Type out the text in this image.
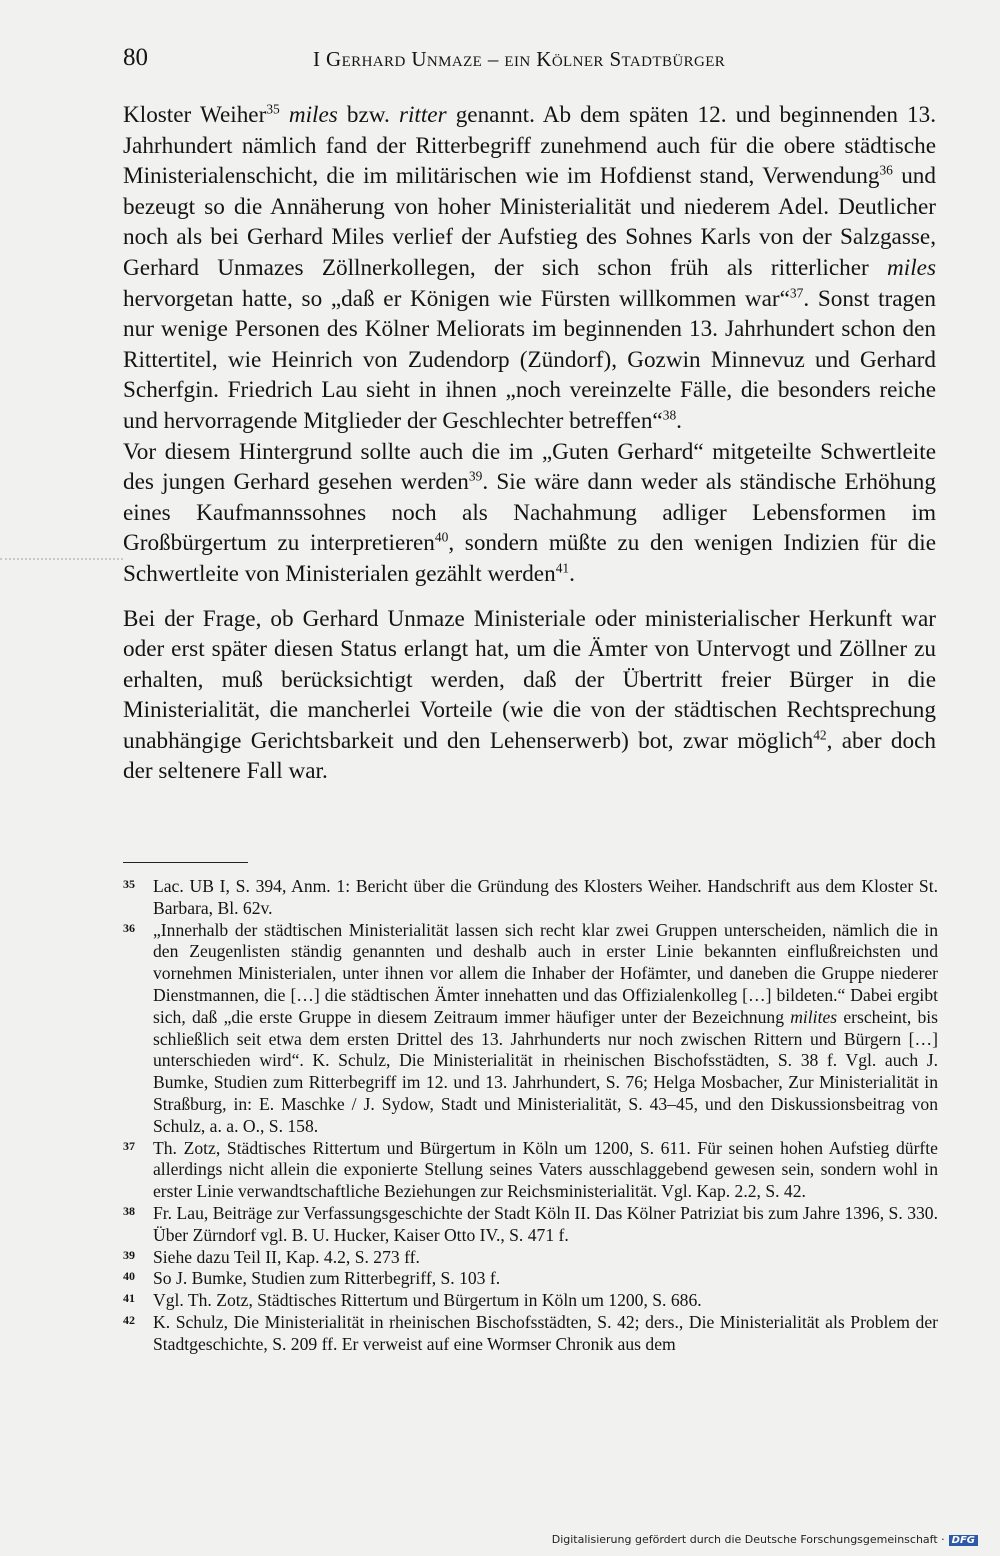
80	I Gerhard Unmaze – ein Kölner Stadtbürger

Kloster Weiher$^{35}$ miles bzw. ritter genannt. Ab dem späten 12. und beginnenden 13. Jahrhundert nämlich fand der Ritterbegriff zunehmend auch für die obere städtische Ministerialenschicht, die im militärischen wie im Hofdienst stand, Verwendung$^{36}$ und bezeugt so die Annäherung von hoher Ministerialität und niederem Adel. Deutlicher noch als bei Gerhard Miles verlief der Aufstieg des Sohnes Karls von der Salzgasse, Gerhard Unmazes Zöllnerkollegen, der sich schon früh als ritterlicher miles hervorgetan hatte, so „daß er Königen wie Fürsten willkommen war“$^{37}$. Sonst tragen nur wenige Personen des Kölner Meliorats im beginnenden 13. Jahrhundert schon den Rittertitel, wie Heinrich von Zudendorp (Zündorf), Gozwin Minnevuz und Gerhard Scherfgin. Friedrich Lau sieht in ihnen „noch vereinzelte Fälle, die besonders reiche und hervorragende Mitglieder der Geschlechter betreffen“$^{38}$.

Vor diesem Hintergrund sollte auch die im „Guten Gerhard“ mitgeteilte Schwertleite des jungen Gerhard gesehen werden$^{39}$. Sie wäre dann weder als ständische Erhöhung eines Kaufmannssohnes noch als Nachahmung adliger Lebensformen im Großbürgertum zu interpretieren$^{40}$, sondern müßte zu den wenigen Indizien für die Schwertleite von Ministerialen gezählt werden$^{41}$.

Bei der Frage, ob Gerhard Unmaze Ministeriale oder ministerialischer Herkunft war oder erst später diesen Status erlangt hat, um die Ämter von Untervogt und Zöllner zu erhalten, muß berücksichtigt werden, daß der Übertritt freier Bürger in die Ministerialität, die mancherlei Vorteile (wie die von der städtischen Rechtsprechung unabhängige Gerichtsbarkeit und den Lehenserwerb) bot, zwar möglich$^{42}$, aber doch der seltenere Fall war.

35 Lac. UB I, S. 394, Anm. 1: Bericht über die Gründung des Klosters Weiher. Handschrift aus dem Kloster St. Barbara, Bl. 62v.

36 „Innerhalb der städtischen Ministerialität lassen sich recht klar zwei Gruppen unterscheiden, nämlich die in den Zeugenlisten ständig genannten und deshalb auch in erster Linie bekannten einflußreichsten und vornehmen Ministerialen, unter ihnen vor allem die Inhaber der Hofämter, und daneben die Gruppe niederer Dienstmannen, die […] die städtischen Ämter innehatten und das Offizialenkolleg […] bildeten.“ Dabei ergibt sich, daß „die erste Gruppe in diesem Zeitraum immer häufiger unter der Bezeichnung milites erscheint, bis schließlich seit etwa dem ersten Drittel des 13. Jahrhunderts nur noch zwischen Rittern und Bürgern […] unterschieden wird“. K. Schulz, Die Ministerialität in rheinischen Bischofsstädten, S. 38 f. Vgl. auch J. Bumke, Studien zum Ritterbegriff im 12. und 13. Jahrhundert, S. 76; Helga Mosbacher, Zur Ministerialität in Straßburg, in: E. Maschke / J. Sydow, Stadt und Ministerialität, S. 43–45, und den Diskussionsbeitrag von Schulz, a. a. O., S. 158.

37 Th. Zotz, Städtisches Rittertum und Bürgertum in Köln um 1200, S. 611. Für seinen hohen Aufstieg dürfte allerdings nicht allein die exponierte Stellung seines Vaters ausschlaggebend gewesen sein, sondern wohl in erster Linie verwandtschaftliche Beziehungen zur Reichsministerialität. Vgl. Kap. 2.2, S. 42.

38 Fr. Lau, Beiträge zur Verfassungsgeschichte der Stadt Köln II. Das Kölner Patriziat bis zum Jahre 1396, S. 330. Über Zürndorf vgl. B. U. Hucker, Kaiser Otto IV., S. 471 f.

39 Siehe dazu Teil II, Kap. 4.2, S. 273 ff.

40 So J. Bumke, Studien zum Ritterbegriff, S. 103 f.

41 Vgl. Th. Zotz, Städtisches Rittertum und Bürgertum in Köln um 1200, S. 686.

42 K. Schulz, Die Ministerialität in rheinischen Bischofsstädten, S. 42; ders., Die Ministerialität als Problem der Stadtgeschichte, S. 209 ff. Er verweist auf eine Wormser Chronik aus dem

Digitalisierung gefördert durch die Deutsche Forschungsgemeinschaft · DFG
